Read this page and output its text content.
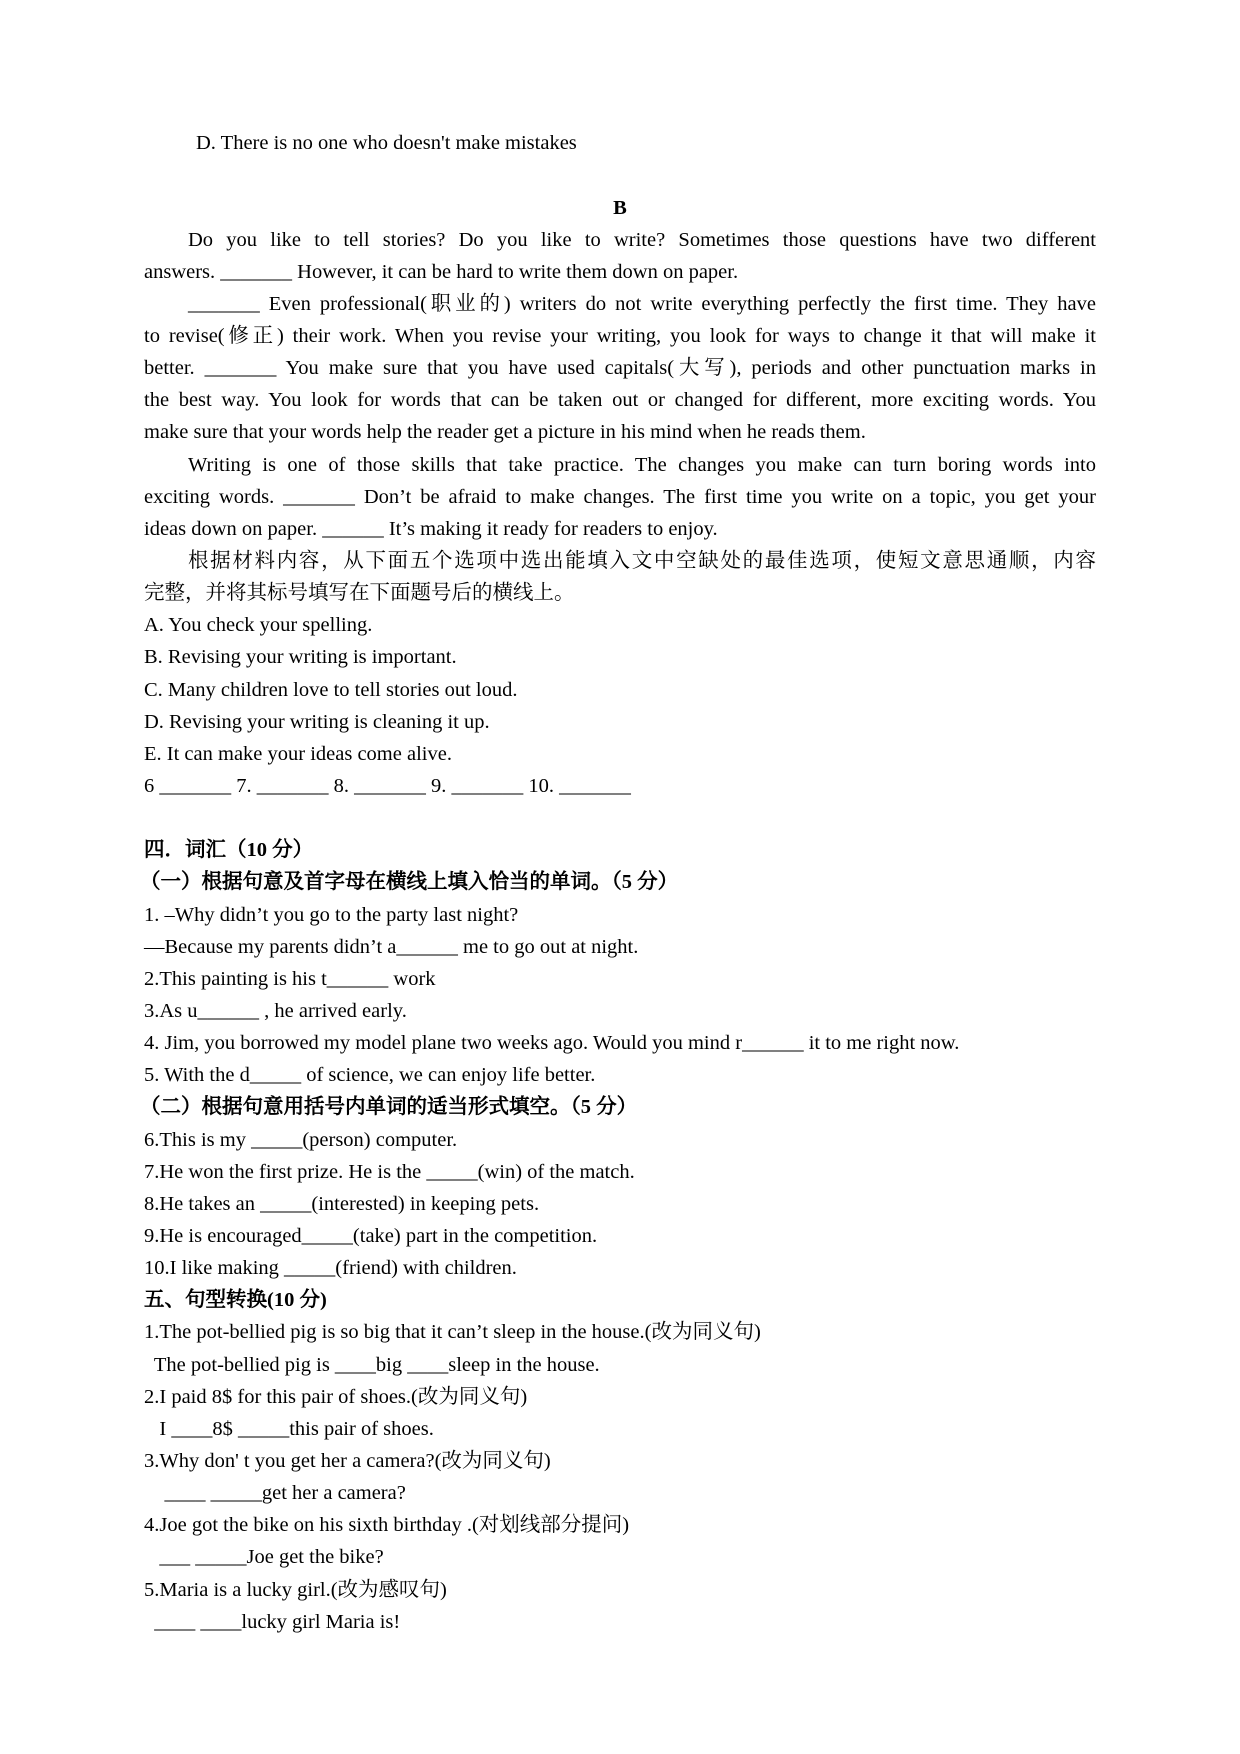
D. There is no one who doesn't make mistakes
B
Do you like to tell stories? Do you like to write? Sometimes those questions have two different
answers. _______ However, it can be hard to write them down on paper.
_______ Even professional(职业的) writers do not write everything perfectly the first time. They have
to revise(修正) their work. When you revise your writing, you look for ways to change it that will make it
better. _______ You make sure that you have used capitals(大写), periods and other punctuation marks in
the best way. You look for words that can be taken out or changed for different, more exciting words. You
make sure that your words help the reader get a picture in his mind when he reads them.
Writing is one of those skills that take practice. The changes you make can turn boring words into
exciting words. _______ Don’t be afraid to make changes. The first time you write on a topic, you get your
ideas down on paper. ______ It’s making it ready for readers to enjoy.
根据材料内容，从下面五个选项中选出能填入文中空缺处的最佳选项，使短文意思通顺，内容
完整，并将其标号填写在下面题号后的横线上。
A. You check your spelling.
B. Revising your writing is important.
C. Many children love to tell stories out loud.
D. Revising your writing is cleaning it up.
E. It can make your ideas come alive.
6 _______ 7. _______ 8. _______ 9. _______ 10. _______
四．词汇（10 分）
（一）根据句意及首字母在横线上填入恰当的单词。（5 分）
1. –Why didn’t you go to the party last night?
—Because my parents didn’t a______ me to go out at night.
2.This painting is his t______ work
3.As u______ , he arrived early.
4. Jim, you borrowed my model plane two weeks ago. Would you mind r______ it to me right now.
5. With the d_____ of science, we can enjoy life better.
（二）根据句意用括号内单词的适当形式填空。（5 分）
6.This is my _____(person) computer.
7.He won the first prize. He is the _____(win) of the match.
8.He takes an _____(interested) in keeping pets.
9.He is encouraged_____(take) part in the competition.
10.I like making _____(friend) with children.
五、句型转换(10 分)
1.The pot-bellied pig is so big that it can’t sleep in the house.(改为同义句)
The pot-bellied pig is ____big ____sleep in the house.
2.I paid 8$ for this pair of shoes.(改为同义句)
I ____8$ _____this pair of shoes.
3.Why don' t you get her a camera?(改为同义句)
____ _____get her a camera?
4.Joe got the bike on his sixth birthday .(对划线部分提问)
___ _____Joe get the bike?
5.Maria is a lucky girl.(改为感叹句)
____ ____lucky girl Maria is!
